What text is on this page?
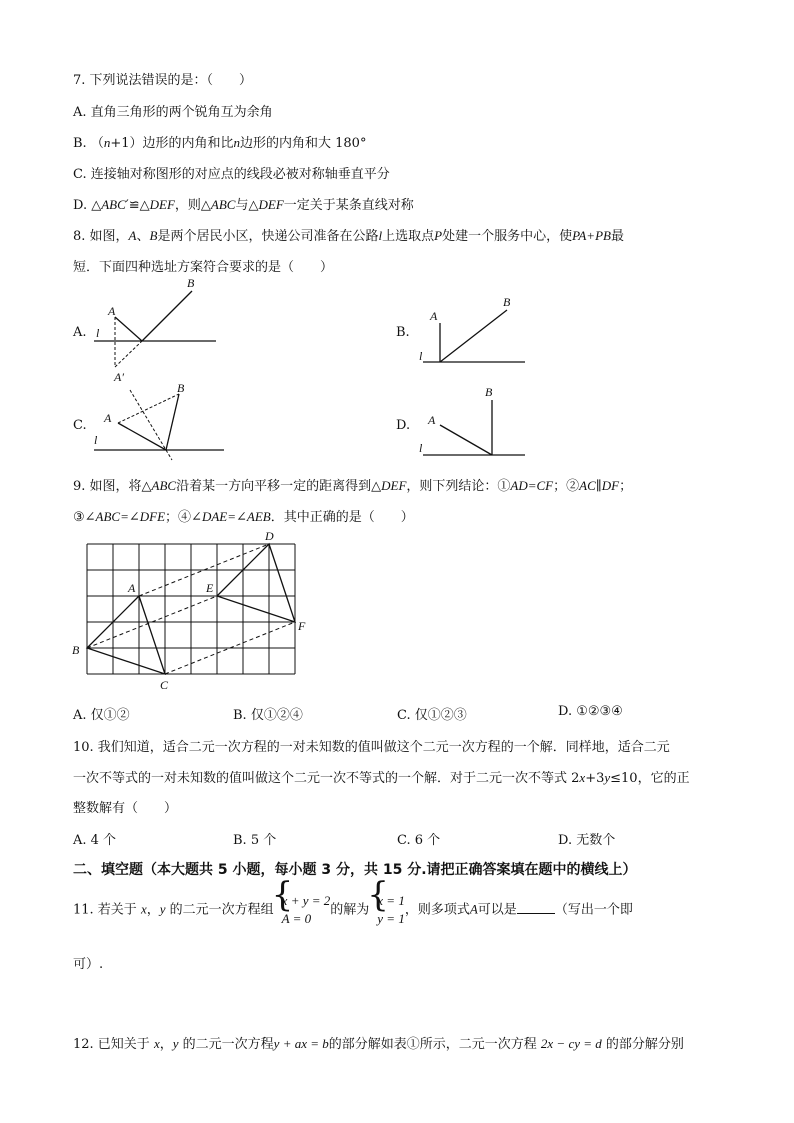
7. 下列说法错误的是：（　　）
A. 直角三角形的两个锐角互为余角
B. （n+1）边形的内角和比n边形的内角和大 180°
C. 连接轴对称图形的对应点的线段必被对称轴垂直平分
D. △ABC′≌△DEF，则△ABC与△DEF一定关于某条直线对称
8. 如图，A、B是两个居民小区，快递公司准备在公路l上选取点P处建一个服务中心，使PA+PB最
短．下面四种选址方案符合要求的是（　　）
A.
A
B
l
A′
B.
A
B
l
C. A
B
l
D. A
B
l
9. 如图，将△ABC沿着某一方向平移一定的距离得到△DEF，则下列结论：①AD=CF；②AC∥DF；
③∠ABC=∠DFE；④∠DAE=∠AEB．其中正确的是（　　）
A
B
C
D
E
F
A. 仅①②	B. 仅①②④	C. 仅①②③	D. ①②③④
10. 我们知道，适合二元一次方程的一对未知数的值叫做这个二元一次方程的一个解．同样地，适合二元
一次不等式的一对未知数的值叫做这个二元一次不等式的一个解．对于二元一次不等式 2x+3y≤10，它的正
整数解有（　　）
A. 4 个	B. 5 个	C. 6 个	D. 无数个
二、填空题（本大题共 5 小题，每小题 3 分，共 15 分.请把正确答案填在题中的横线上）
11. 若关于 x，y 的二元一次方程组
{ x + y = 2
A = 0
的解为
{ x = 1
y = 1
，则多项式A可以是	（写出一个即
可）.
12. 已知关于 x，y 的二元一次方程y + ax = b的部分解如表①所示，二元一次方程 2x − cy = d 的部分解分别
